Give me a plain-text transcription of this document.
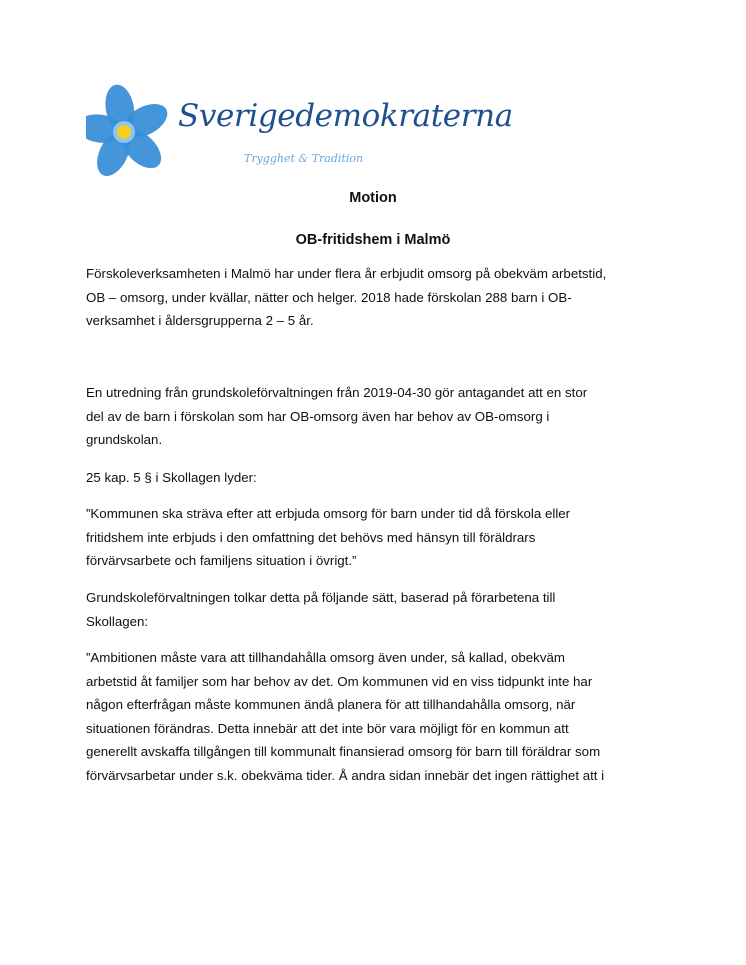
Sverigedemokraterna
Trygghet & Tradition
Motion
OB-fritidshem i Malmö

Förskoleverksamheten i Malmö har under flera år erbjudit omsorg på obekväm arbetstid,
OB – omsorg, under kvällar, nätter och helger. 2018 hade förskolan 288 barn i OB-
verksamhet i åldersgrupperna 2 – 5 år.

En utredning från grundskoleförvaltningen från 2019-04-30 gör antagandet att en stor
del av de barn i förskolan som har OB-omsorg även har behov av OB-omsorg i
grundskolan.

25 kap. 5 § i Skollagen lyder:

”Kommunen ska sträva efter att erbjuda omsorg för barn under tid då förskola eller
fritidshem inte erbjuds i den omfattning det behövs med hänsyn till föräldrars
förvärvsarbete och familjens situation i övrigt.”

Grundskoleförvaltningen tolkar detta på följande sätt, baserad på förarbetena till
Skollagen:

”Ambitionen måste vara att tillhandahålla omsorg även under, så kallad, obekväm
arbetstid åt familjer som har behov av det. Om kommunen vid en viss tidpunkt inte har
någon efterfrågan måste kommunen ändå planera för att tillhandahålla omsorg, när
situationen förändras. Detta innebär att det inte bör vara möjligt för en kommun att
generellt avskaffa tillgången till kommunalt finansierad omsorg för barn till föräldrar som
förvärvsarbetar under s.k. obekväma tider. Å andra sidan innebär det ingen rättighet att i
